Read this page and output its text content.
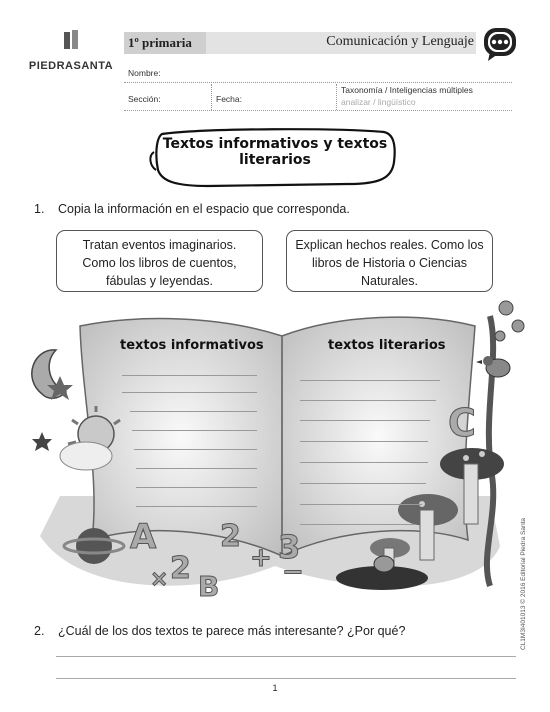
PIEDRASANTA
1º primaria	Comunicación y Lenguaje
Nombre:
Sección:	Fecha:
Taxonomía / Inteligencias múltiples
analizar / lingüístico
Textos informativos y textos literarios
1. Copia la información en el espacio que corresponda.
Tratan eventos imaginarios. Como los libros de cuentos, fábulas y leyendas.
Explican hechos reales. Como los libros de Historia o Ciencias Naturales.
A
2
× B
2
+ 3
−
C
textos informativos	textos literarios
2. ¿Cuál de los dos textos te parece más interesante? ¿Por qué?
1
CL1M3I401013 © 2016 Editorial Piedra Santa
